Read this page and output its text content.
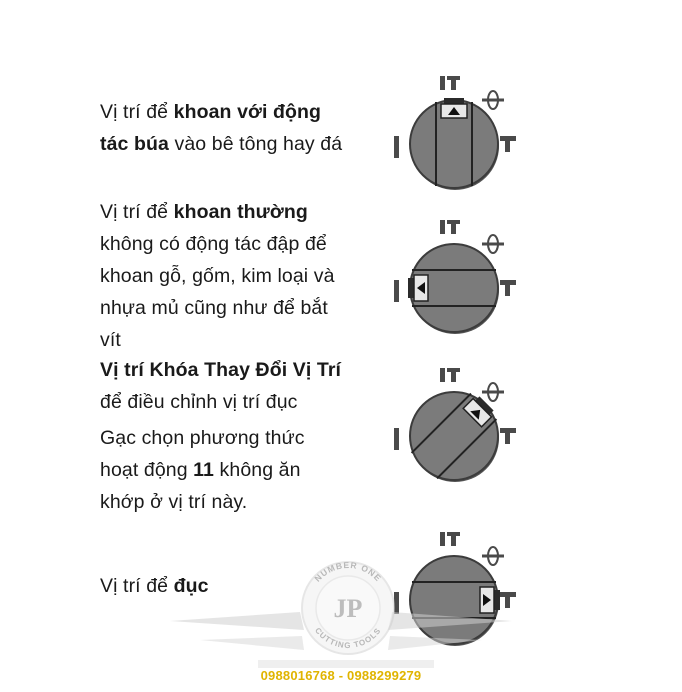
Vị trí để khoan với động
tác búa vào bê tông hay đá
Vị trí để khoan thường
không có động tác đập để
khoan gỗ, gốm, kim loại và
nhựa mủ cũng như để bắt
vít
Vị trí Khóa Thay Đổi Vị Trí
để điều chỉnh vị trí đục
Gạc chọn phương thức
hoạt động 11 không ăn
khớp ở vị trí này.
Vị trí để đục	NUMBER ONE
CUTTING TOOLS
JP
0988016768 - 0988299279
